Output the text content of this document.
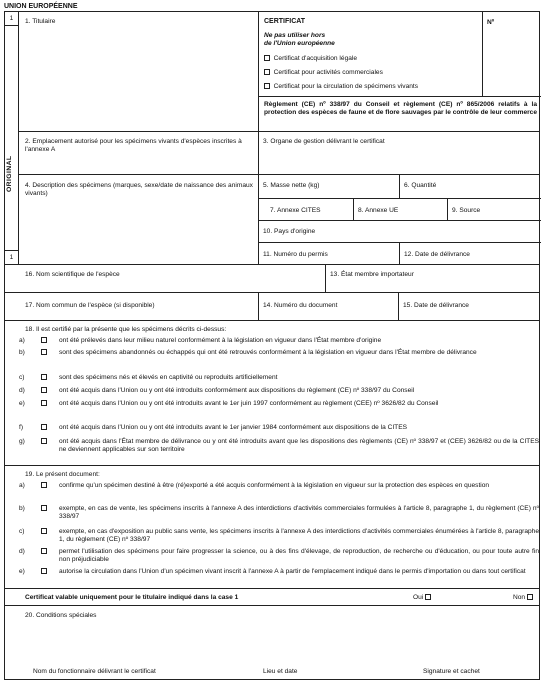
UNION EUROPÉENNE
1
ORIGINAL
1
1. Titulaire	CERTIFICAT
Ne pas utiliser hors
de l'Union européenne
Certificat d'acquisition légale
Certificat pour activités commerciales
Certificat pour la circulation de spécimens vivants
Règlement (CE) nº 338/97 du Conseil et règlement (CE) nº 865/2006 relatifs à la protection des espèces de faune et de flore sauvages par le contrôle de leur commerce
Nº
2. Emplacement autorisé pour les spécimens vivants d'espèces inscrites à l'annexe A
3. Organe de gestion délivrant le certificat
4. Description des spécimens (marques, sexe/date de naissance des animaux vivants)
5. Masse nette (kg)	6. Quantité
7. Annexe CITES	8. Annexe UE	9. Source
10. Pays d'origine
11. Numéro du permis	12. Date de délivrance
16. Nom scientifique de l'espèce	13. État membre importateur
17. Nom commun de l'espèce (si disponible)	14. Numéro du document	15. Date de délivrance
18. Il est certifié par la présente que les spécimens décrits ci-dessus:
a)	ont été prélevés dans leur milieu naturel conformément à la législation en vigueur dans l'État membre d'origine
b)	sont des spécimens abandonnés ou échappés qui ont été retrouvés conformément à la législation en vigueur dans l'État membre de délivrance
c)	sont des spécimens nés et élevés en captivité ou reproduits artificiellement
d)	ont été acquis dans l'Union ou y ont été introduits conformément aux dispositions du règlement (CE) nº 338/97 du Conseil
e)	ont été acquis dans l'Union ou y ont été introduits avant le 1er juin 1997 conformément au règlement (CEE) nº 3626/82 du Conseil
f)	ont été acquis dans l'Union ou y ont été introduits avant le 1er janvier 1984 conformément aux dispositions de la CITES
g)	ont été acquis dans l'État membre de délivrance ou y ont été introduits avant que les dispositions des règlements (CE) nº 338/97 et (CEE) 3626/82 ou de la CITES ne deviennent applicables sur son territoire
19. Le présent document:
a)	confirme qu'un spécimen destiné à être (ré)exporté a été acquis conformément à la législation en vigueur sur la protection des espèces en question
b)	exempte, en cas de vente, les spécimens inscrits à l'annexe A des interdictions d'activités commerciales formulées à l'article 8, paragraphe 1, du règlement (CE) nº 338/97
c)	exempte, en cas d'exposition au public sans vente, les spécimens inscrits à l'annexe A des interdictions d'activités commerciales énumérées à l'article 8, paragraphe 1, du règlement (CE) nº 338/97
d)	permet l'utilisation des spécimens pour faire progresser la science, ou à des fins d'élevage, de reproduction, de recherche ou d'éducation, ou pour toute autre fin non préjudiciable
e)	autorise la circulation dans l'Union d'un spécimen vivant inscrit à l'annexe A à partir de l'emplacement indiqué dans le permis d'importation ou dans tout certificat
Certificat valable uniquement pour le titulaire indiqué dans la case 1	Oui	Non
20. Conditions spéciales
Nom du fonctionnaire délivrant le certificat	Lieu et date	Signature et cachet
